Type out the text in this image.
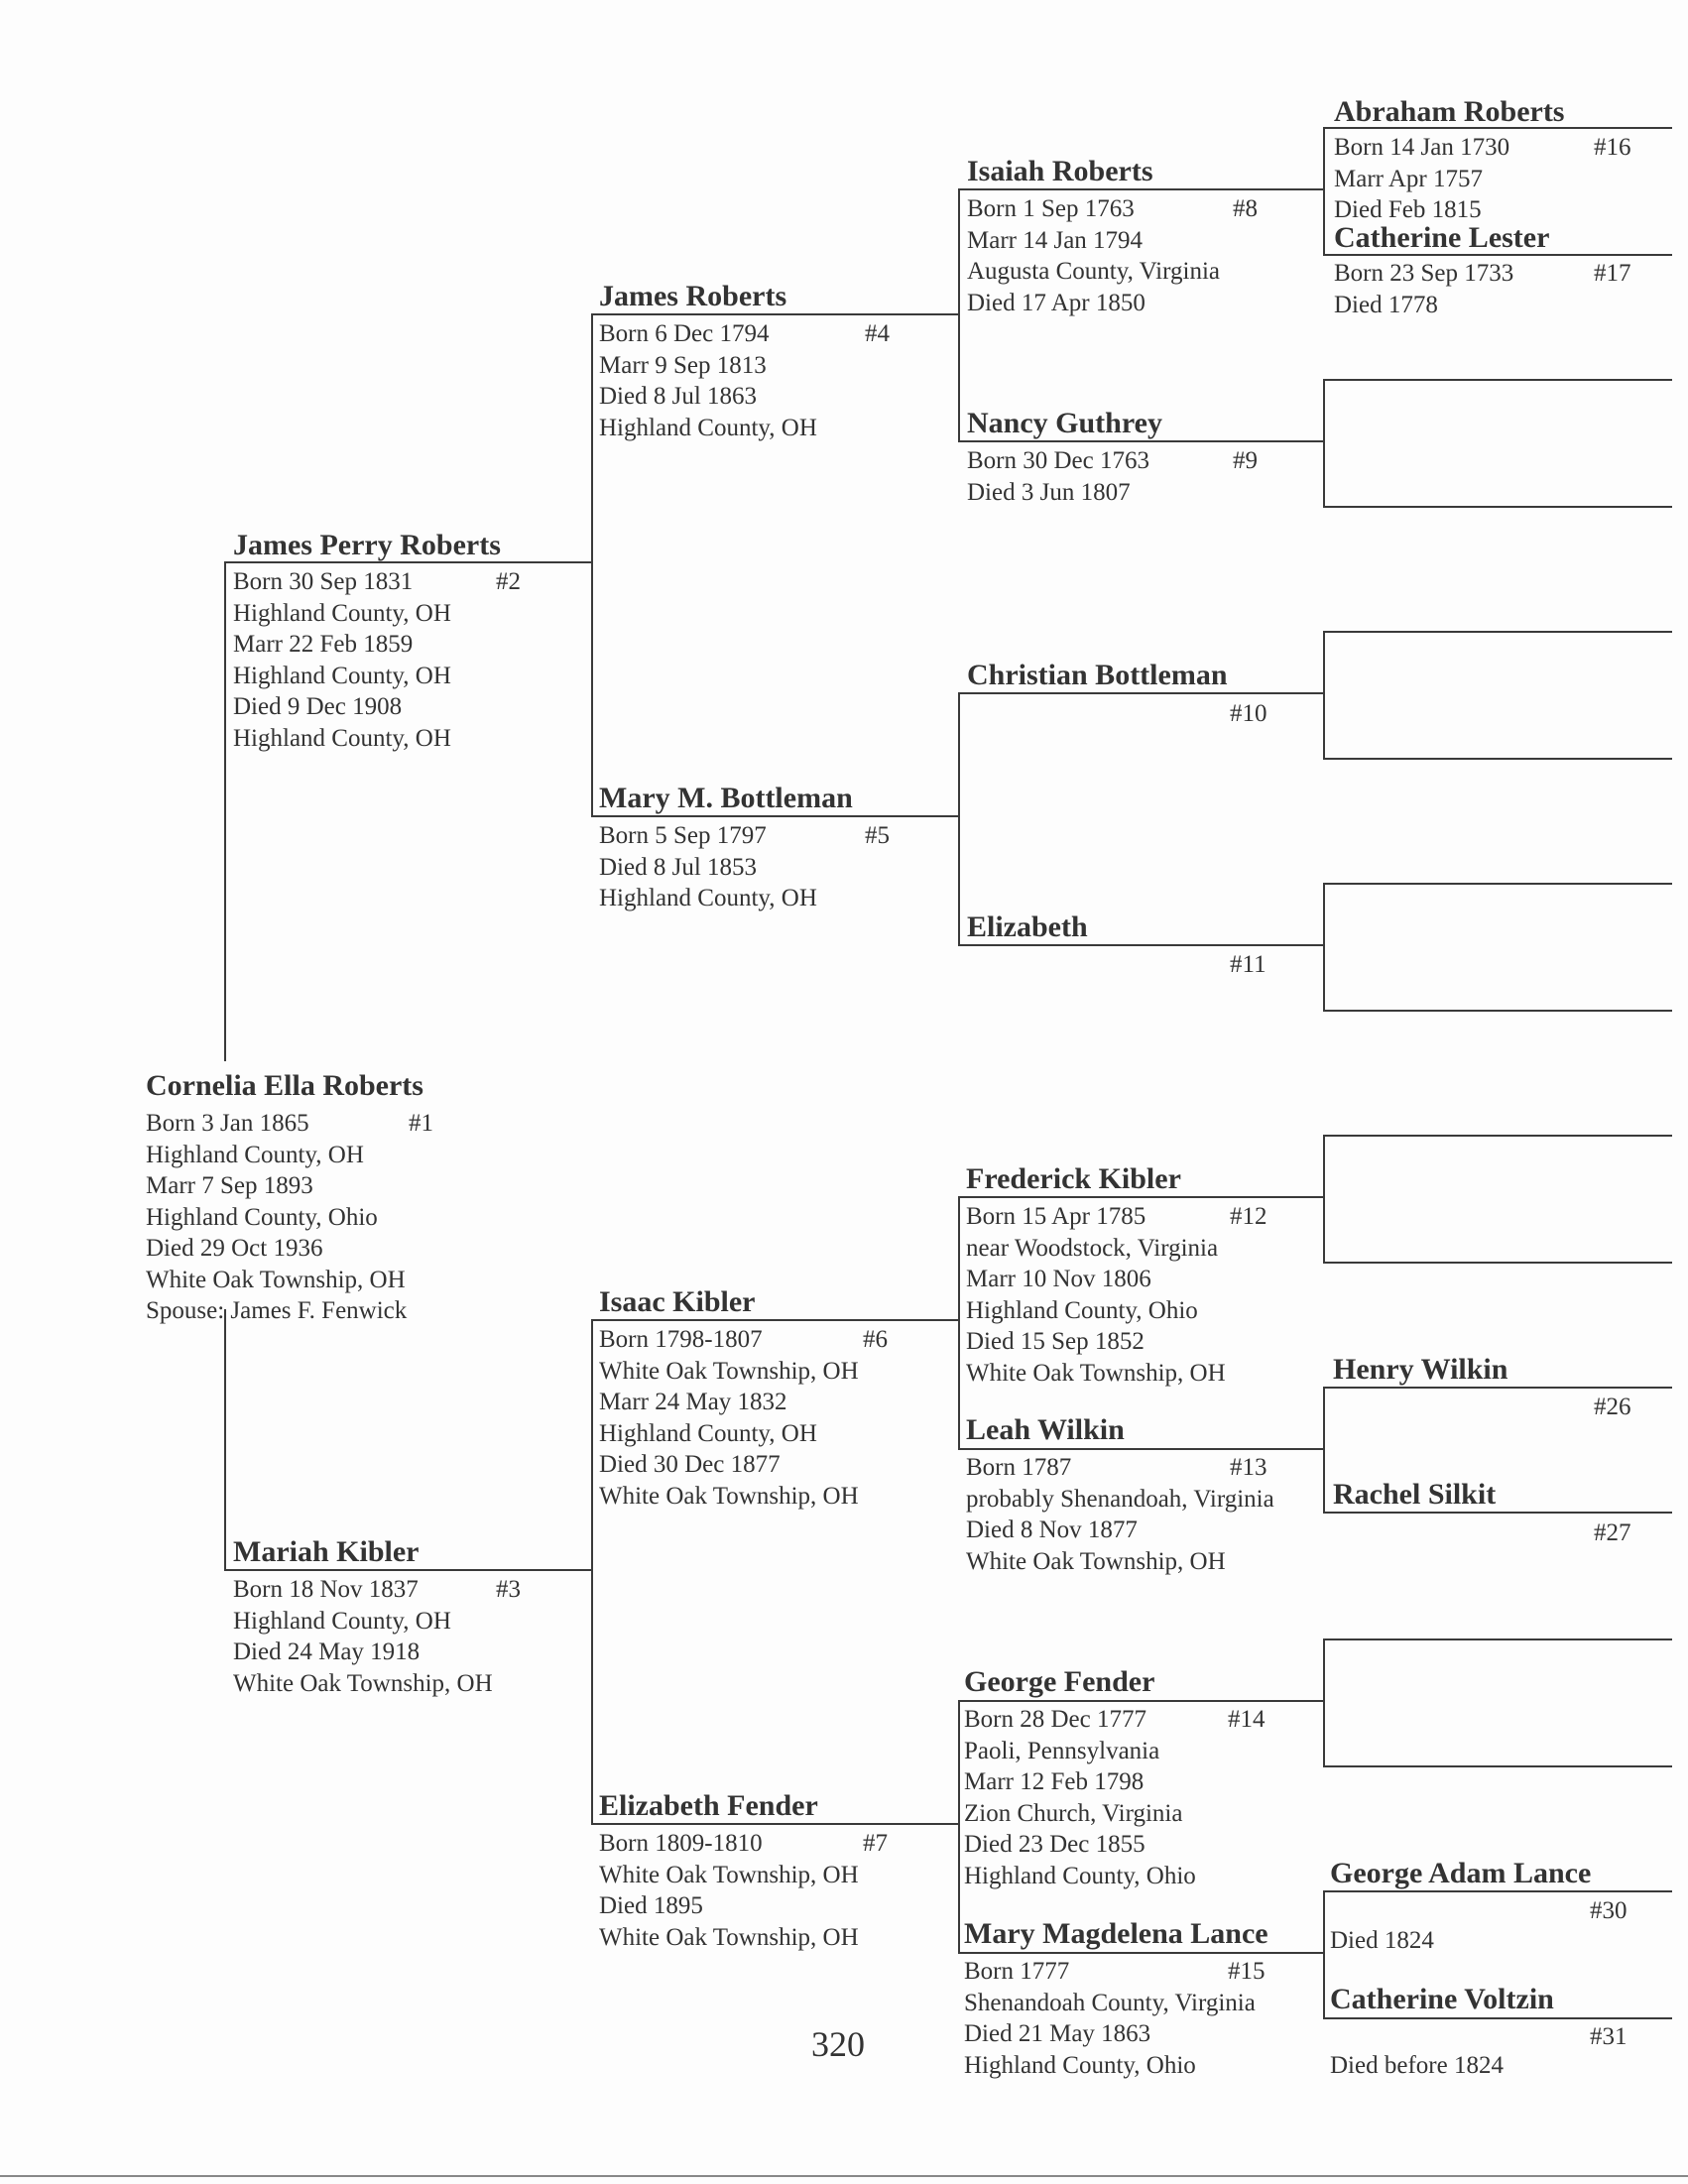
Cornelia Ella Roberts
#1
Born 3 Jan 1865
Highland County, OH
Marr 7 Sep 1893
Highland County, Ohio
Died 29 Oct 1936
White Oak Township, OH
Spouse: James F. Fenwick
James Perry Roberts
#2
Born 30 Sep 1831
Highland County, OH
Marr 22 Feb 1859
Highland County, OH
Died 9 Dec 1908
Highland County, OH
Mariah Kibler
#3
Born 18 Nov 1837
Highland County, OH
Died 24 May 1918
White Oak Township, OH
James Roberts
#4
Born 6 Dec 1794
Marr 9 Sep 1813
Died 8 Jul 1863
Highland County, OH
Mary M. Bottleman
#5
Born 5 Sep 1797
Died 8 Jul 1853
Highland County, OH
Isaac Kibler
#6
Born 1798-1807
White Oak Township, OH
Marr 24 May 1832
Highland County, OH
Died 30 Dec 1877
White Oak Township, OH
Elizabeth Fender
#7
Born 1809-1810
White Oak Township, OH
Died 1895
White Oak Township, OH
Isaiah Roberts
#8
Born 1 Sep 1763
Marr 14 Jan 1794
Augusta County, Virginia
Died 17 Apr 1850
Nancy Guthrey
#9
Born 30 Dec 1763
Died 3 Jun 1807
Christian Bottleman
#10
Elizabeth
#11
Frederick Kibler
#12
Born 15 Apr 1785
near Woodstock, Virginia
Marr 10 Nov 1806
Highland County, Ohio
Died 15 Sep 1852
White Oak Township, OH
Leah Wilkin
#13
Born 1787
probably Shenandoah, Virginia
Died 8 Nov 1877
White Oak Township, OH
George Fender
#14
Born 28 Dec 1777
Paoli, Pennsylvania
Marr 12 Feb 1798
Zion Church, Virginia
Died 23 Dec 1855
Highland County, Ohio
Mary Magdelena Lance
#15
Born 1777
Shenandoah County, Virginia
Died 21 May 1863
Highland County, Ohio
Abraham Roberts
#16
Born 14 Jan 1730
Marr Apr 1757
Died Feb 1815
Catherine Lester
#17
Born 23 Sep 1733
Died 1778
Henry Wilkin
#26
Rachel Silkit
#27
George Adam Lance
#30
Died 1824
Catherine Voltzin
#31
Died before 1824
320
